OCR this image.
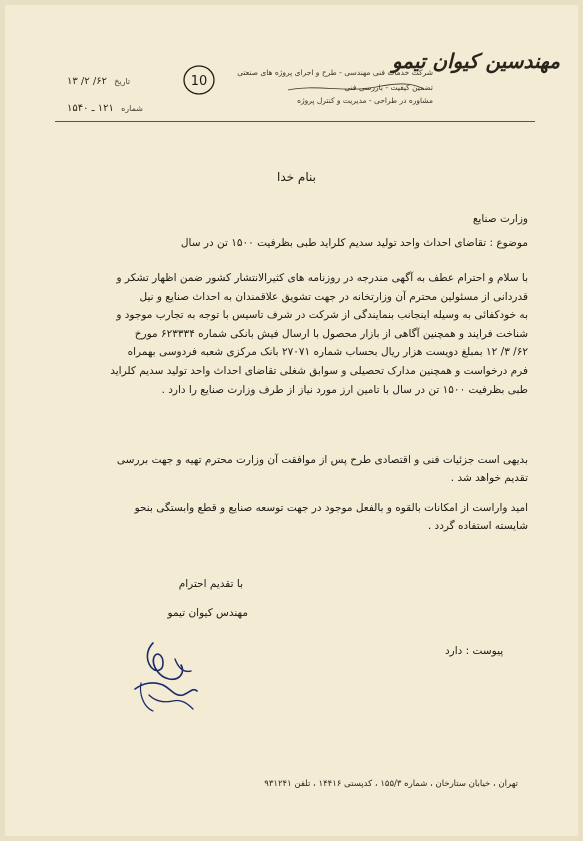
مهندسین کیوان تیمو
شرکت خدمات فنی مهندسی - طرح و اجرای پروژه های صنعتی
تضمین کیفیت - بازرسی فنی
مشاوره در طراحی - مدیریت و کنترل پروژه
10
تاریخ ۶۲/ ۲/ ۱۳
شماره ۱۲۱ ـ ۱۵۴۰
بنام خدا
وزارت صنایع
موضوع : تقاضای احداث واحد تولید سدیم کلراید طبی بظرفیت ۱۵۰۰ تن در سال
با سلام و احترام عطف به آگهی مندرجه در روزنامه های کثیرالانتشار کشور ضمن اظهار تشکر و
قدردانی از مسئولین محترم آن وزارتخانه در جهت تشویق علاقمندان به احداث صنایع و نیل
به خودکفائی به وسیله اینجانب بنمایندگی از شرکت در شرف تاسیس با توجه به تجارب موجود و
شناخت فرایند و همچنین آگاهی از بازار محصول با ارسال فیش بانکی شماره ۶۲۳۳۳۴ مورخ
۶۲/ ۳/ ۱۲ بمبلغ دویست هزار ریال بحساب شماره ۲۷۰۷۱ بانک مرکزی شعبه فردوسی بهمراه
فرم درخواست و همچنین مدارک تحصیلی و سوابق شغلی تقاضای احداث واحد تولید سدیم کلراید
طبی بظرفیت ۱۵۰۰ تن در سال با تامین ارز مورد نیاز از طرف وزارت صنایع را دارد .
بدیهی است جزئیات فنی و اقتصادی طرح پس از موافقت آن وزارت محترم تهیه و جهت بررسی
تقدیم خواهد شد .
امید واراست از امکانات بالقوه و بالفعل موجود در جهت توسعه صنایع و قطع وابستگی بنحو
شایسته استفاده گردد .
با تقدیم احترام
مهندس کیوان تیمو
پیوست : دارد
تهران ، خیابان ستارخان ، شماره ۱۵۵/۳ ، کدپستی ۱۴۴۱۶ ، تلفن ۹۳۱۲۴۱
